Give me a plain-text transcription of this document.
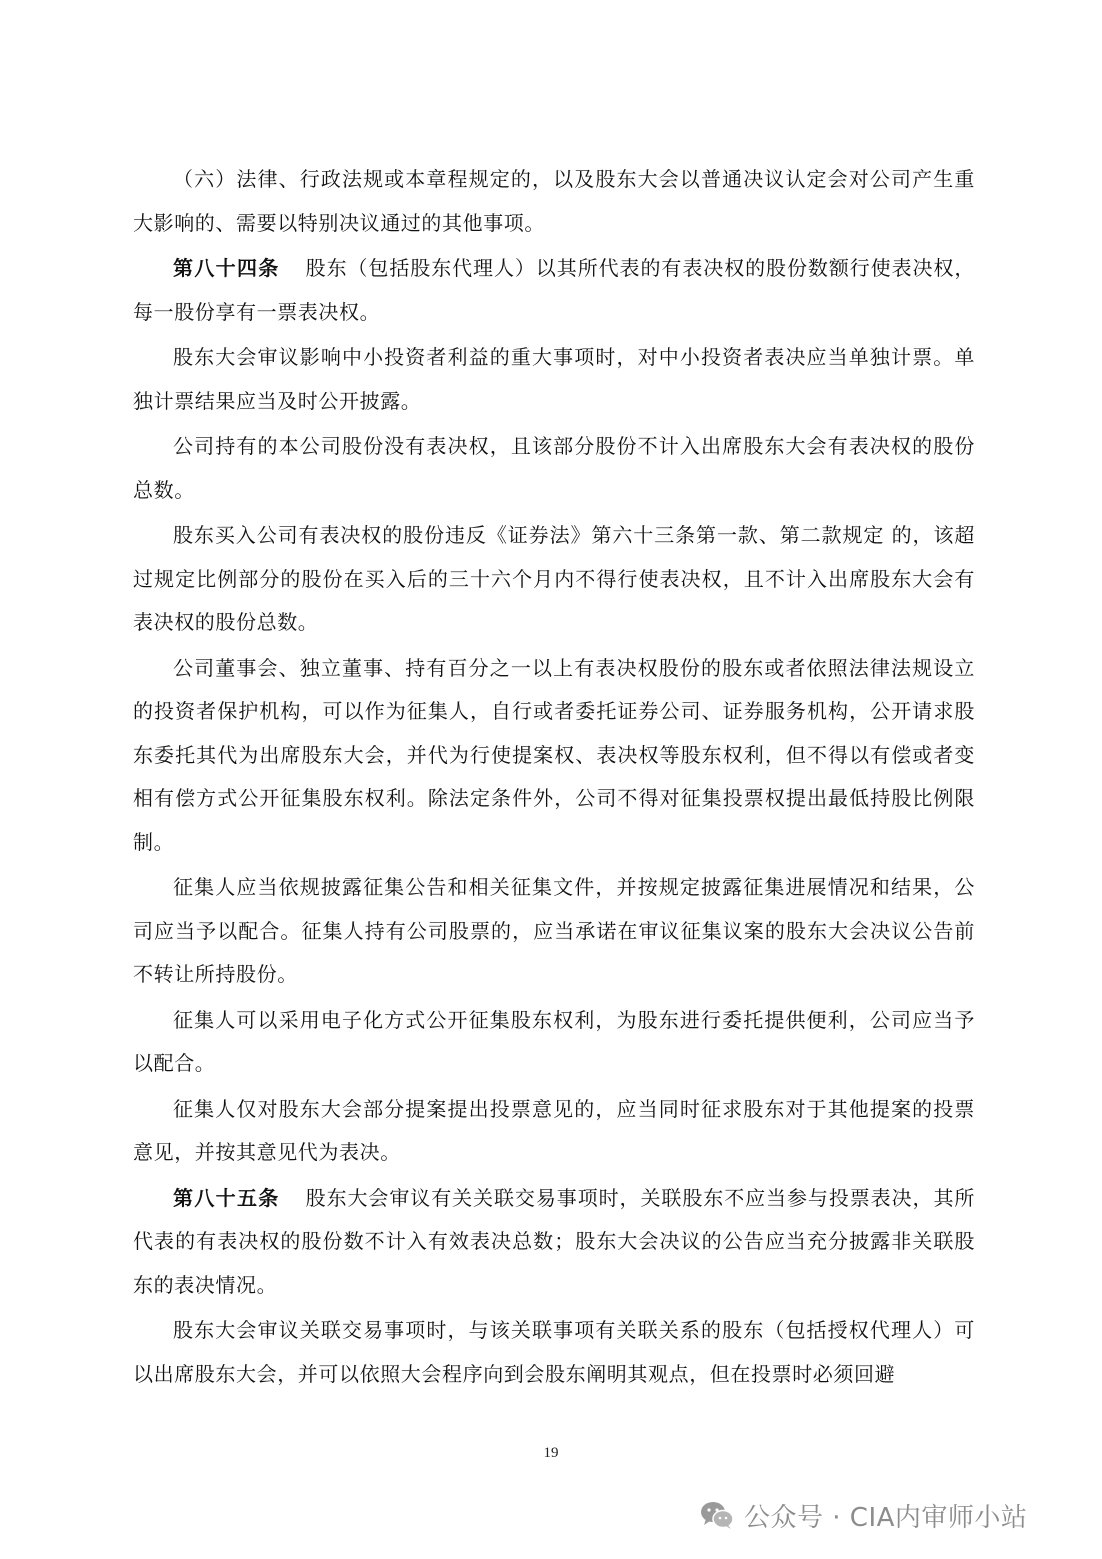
（六）法律、行政法规或本章程规定的，以及股东大会以普通决议认定会对公司产生重大影响的、需要以特别决议通过的其他事项。

第八十四条 股东（包括股东代理人）以其所代表的有表决权的股份数额行使表决权，每一股份享有一票表决权。

股东大会审议影响中小投资者利益的重大事项时，对中小投资者表决应当单独计票。单独计票结果应当及时公开披露。

公司持有的本公司股份没有表决权，且该部分股份不计入出席股东大会有表决权的股份总数。

股东买入公司有表决权的股份违反《证券法》第六十三条第一款、第二款规定 的，该超过规定比例部分的股份在买入后的三十六个月内不得行使表决权，且不计入出席股东大会有表决权的股份总数。

公司董事会、独立董事、持有百分之一以上有表决权股份的股东或者依照法律法规设立的投资者保护机构，可以作为征集人，自行或者委托证券公司、证券服务机构，公开请求股东委托其代为出席股东大会，并代为行使提案权、表决权等股东权利，但不得以有偿或者变相有偿方式公开征集股东权利。除法定条件外，公司不得对征集投票权提出最低持股比例限制。

征集人应当依规披露征集公告和相关征集文件，并按规定披露征集进展情况和结果，公司应当予以配合。征集人持有公司股票的，应当承诺在审议征集议案的股东大会决议公告前不转让所持股份。

征集人可以采用电子化方式公开征集股东权利，为股东进行委托提供便利，公司应当予以配合。

征集人仅对股东大会部分提案提出投票意见的，应当同时征求股东对于其他提案的投票意见，并按其意见代为表决。

第八十五条 股东大会审议有关关联交易事项时，关联股东不应当参与投票表决，其所代表的有表决权的股份数不计入有效表决总数；股东大会决议的公告应当充分披露非关联股东的表决情况。

股东大会审议关联交易事项时，与该关联事项有关联关系的股东（包括授权代理人）可以出席股东大会，并可以依照大会程序向到会股东阐明其观点，但在投票时必须回避

19
公众号 · CIA内审师小站
